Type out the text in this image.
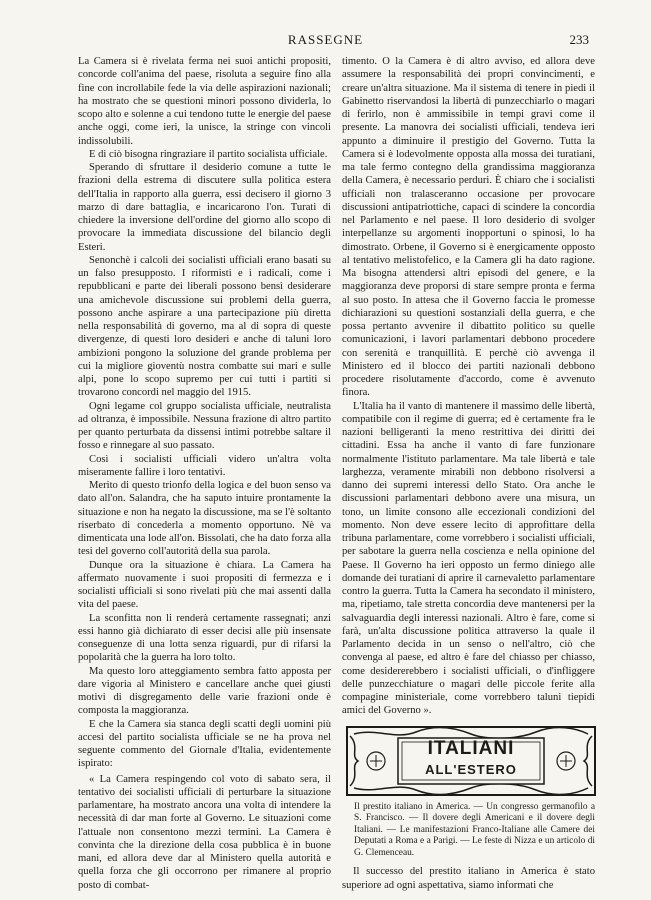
RASSEGNE	233

La Camera si è rivelata ferma nei suoi antichi propositi, concorde coll'anima del paese, risoluta a seguire fino alla fine con incrollabile fede la via delle aspirazioni nazionali; ha mostrato che se questioni minori possono dividerla, lo scopo alto e solenne a cui tendono tutte le energie del paese anche oggi, come ieri, la unisce, la stringe con vincoli indissolubili.

E di ciò bisogna ringraziare il partito socialista ufficiale.

Sperando di sfruttare il desiderio comune a tutte le frazioni della estrema di discutere sulla politica estera dell'Italia in rapporto alla guerra, essi decisero il giorno 3 marzo di dare battaglia, e incaricarono l'on. Turati di chiedere la inversione dell'ordine del giorno allo scopo di provocare la immediata discussione del bilancio degli Esteri.

Senonchè i calcoli dei socialisti ufficiali erano basati su un falso presupposto. I riformisti e i radicali, come i repubblicani e parte dei liberali possono bensì desiderare una amichevole discussione sui problemi della guerra, possono anche aspirare a una partecipazione più diretta nella responsabilità di governo, ma al di sopra di queste divergenze, di questi loro desideri e anche di taluni loro ambizioni pongono la soluzione del grande problema per cui la migliore gioventù nostra combatte sui mari e sulle alpi, pone lo scopo supremo per cui tutti i partiti si trovarono concordi nel maggio del 1915.

Ogni legame col gruppo socialista ufficiale, neutralista ad oltranza, è impossibile. Nessuna frazione di altro partito per quanto perturbata da dissensi intimi potrebbe saltare il fosso e rinnegare al suo passato.

Così i socialisti ufficiali videro un'altra volta miseramente fallire i loro tentativi.

Merito di questo trionfo della logica e del buon senso va dato all'on. Salandra, che ha saputo intuire prontamente la situazione e non ha negato la discussione, ma se l'è soltanto riserbato di concederla a momento opportuno. Nè va dimenticata una lode all'on. Bissolati, che ha dato forza alla tesi del governo coll'autorità della sua parola.

Dunque ora la situazione è chiara. La Camera ha affermato nuovamente i suoi propositi di fermezza e i socialisti ufficiali si sono rivelati più che mai assenti dalla vita del paese.

La sconfitta non li renderà certamente rassegnati; anzi essi hanno già dichiarato di esser decisi alle più insensate conseguenze di una lotta senza riguardi, pur di rifarsi la popolarità che la guerra ha loro tolto.

Ma questo loro atteggiamento sembra fatto apposta per dare vigoria al Ministero e cancellare anche quei giusti motivi di disgregamento delle varie frazioni onde è composta la maggioranza.

E che la Camera sia stanca degli scatti degli uomini più accesi del partito socialista ufficiale se ne ha prova nel seguente commento del Giornale d'Italia, evidentemente ispirato:

« La Camera respingendo col voto di sabato sera, il tentativo dei socialisti ufficiali di perturbare la situazione parlamentare, ha mostrato ancora una volta di intendere la necessità di dar man forte al Governo. Le situazioni come l'attuale non consentono mezzi termini. La Camera è convinta che la direzione della cosa pubblica è in buone mani, ed allora deve dar al Ministero quella autorità e quella forza che gli occorrono per rimanere al proprio posto di combat-

timento. O la Camera è di altro avviso, ed allora deve assumere la responsabilità dei propri convincimenti, e creare un'altra situazione. Ma il sistema di tenere in piedi il Gabinetto riservandosi la libertà di punzecchiarlo o magari di ferirlo, non è ammissibile in tempi gravi come il presente. La manovra dei socialisti ufficiali, tendeva ieri appunto a diminuire il prestigio del Governo. Tutta la Camera si è lodevolmente opposta alla mossa dei turatiani, ma tale fermo contegno della grandissima maggioranza della Camera, è necessario perduri. È chiaro che i socialisti ufficiali non tralasceranno occasione per provocare discussioni antipatriottiche, capaci di scindere la concordia nel Parlamento e nel paese. Il loro desiderio di svolger interpellanze su argomenti inopportuni o spinosi, lo ha dimostrato. Orbene, il Governo si è energicamente opposto al tentativo melistofelico, e la Camera gli ha dato ragione. Ma bisogna attendersi altri episodi del genere, e la maggioranza deve proporsi di stare sempre pronta e ferma al suo posto. In attesa che il Governo faccia le promesse dichiarazioni su questioni sostanziali della guerra, e che possa pertanto avvenire il dibattito politico su quelle comunicazioni, i lavori parlamentari debbono procedere con serenità e tranquillità. E perchè ciò avvenga il Ministero ed il blocco dei partiti nazionali debbono procedere risolutamente d'accordo, come è avvenuto finora.

L'Italia ha il vanto di mantenere il massimo delle libertà, compatibile con il regime di guerra; ed è certamente fra le nazioni belligeranti la meno restrittiva dei diritti dei cittadini. Essa ha anche il vanto di fare funzionare normalmente l'istituto parlamentare. Ma tale libertà e tale larghezza, veramente mirabili non debbono risolversi a danno dei supremi interessi dello Stato. Ora anche le discussioni parlamentari debbono avere una misura, un tono, un limite consono alle eccezionali condizioni del momento. Non deve essere lecito di approfittare della tribuna parlamentare, come vorrebbero i socialisti ufficiali, per sabotare la guerra nella coscienza e nella opinione del Paese. Il Governo ha ieri opposto un fermo diniego alle domande dei turatiani di aprire il carnevaletto parlamentare contro la guerra. Tutta la Camera ha secondato il ministero, ma, ripetiamo, tale stretta concordia deve mantenersi per la salvaguardia degli interessi nazionali. Altro è fare, come si farà, un'alta discussione politica attraverso la quale il Parlamento decida in un senso o nell'altro, ciò che convenga al paese, ed altro è fare del chiasso per chiasso, come desidererebbero i socialisti ufficiali, o d'infliggere delle punzecchiature o magari delle piccole ferite alla compagine ministeriale, come vorrebbero taluni tiepidi amici del Governo ».

ITALIANI
ALL'ESTERO

Il prestito italiano in America. — Un congresso germanofilo a S. Francisco. — Il dovere degli Americani e il dovere degli Italiani. — Le manifestazioni Franco-Italiane alle Camere dei Deputati a Roma e a Parigi. — Le feste di Nizza e un articolo di G. Clemenceau.

Il successo del prestito italiano in America è stato superiore ad ogni aspettativa, siamo informati che
